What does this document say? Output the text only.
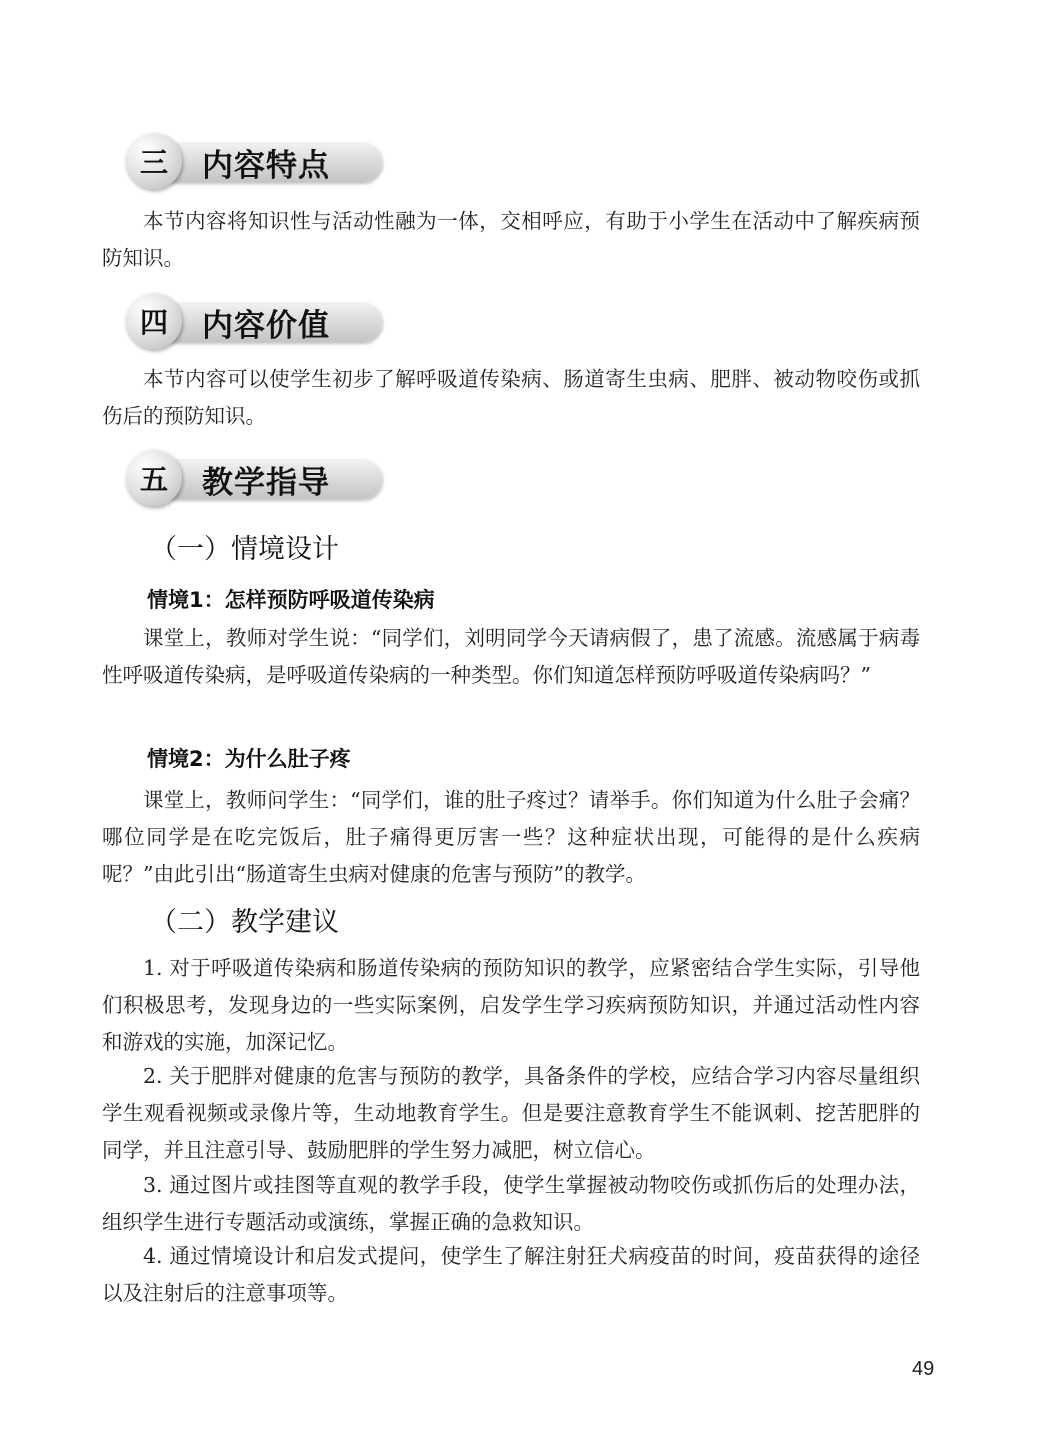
三	内容特点

本节内容将知识性与活动性融为一体，交相呼应，有助于小学生在活动中了解疾病预防知识。

四	内容价值

本节内容可以使学生初步了解呼吸道传染病、肠道寄生虫病、肥胖、被动物咬伤或抓伤后的预防知识。

五	教学指导
（一）情境设计
情境1：怎样预防呼吸道传染病

课堂上，教师对学生说：“同学们，刘明同学今天请病假了，患了流感。流感属于病毒性呼吸道传染病，是呼吸道传染病的一种类型。你们知道怎样预防呼吸道传染病吗？”

情境2：为什么肚子疼

课堂上，教师问学生：“同学们，谁的肚子疼过？请举手。你们知道为什么肚子会痛？哪位同学是在吃完饭后，肚子痛得更厉害一些？这种症状出现，可能得的是什么疾病呢？”由此引出“肠道寄生虫病对健康的危害与预防”的教学。

（二）教学建议

1. 对于呼吸道传染病和肠道传染病的预防知识的教学，应紧密结合学生实际，引导他们积极思考，发现身边的一些实际案例，启发学生学习疾病预防知识，并通过活动性内容和游戏的实施，加深记忆。

2. 关于肥胖对健康的危害与预防的教学，具备条件的学校，应结合学习内容尽量组织学生观看视频或录像片等，生动地教育学生。但是要注意教育学生不能讽刺、挖苦肥胖的同学，并且注意引导、鼓励肥胖的学生努力减肥，树立信心。

3. 通过图片或挂图等直观的教学手段，使学生掌握被动物咬伤或抓伤后的处理办法，组织学生进行专题活动或演练，掌握正确的急救知识。

4. 通过情境设计和启发式提问，使学生了解注射狂犬病疫苗的时间，疫苗获得的途径以及注射后的注意事项等。

49
